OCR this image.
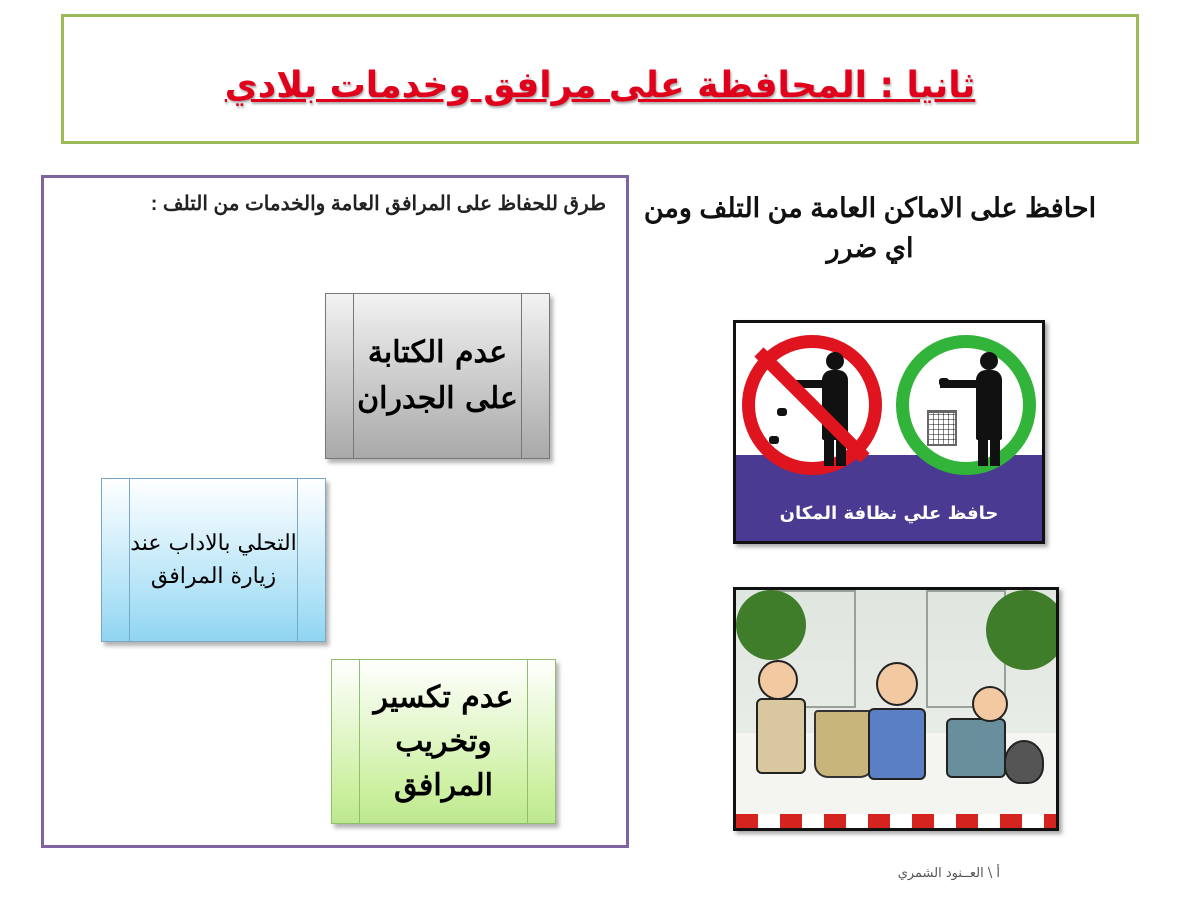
ثانيا : المحافظة على مرافق وخدمات بلادي
طرق للحفاظ على المرافق العامة والخدمات من التلف :
عدم الكتابة على الجدران
التحلي بالاداب عند زيارة المرافق
عدم تكسير وتخريب المرافق
احافظ على الاماكن العامة من التلف ومن اي ضرر
حافظ علي نظافة المكان
أ \ العــنود الشمري
